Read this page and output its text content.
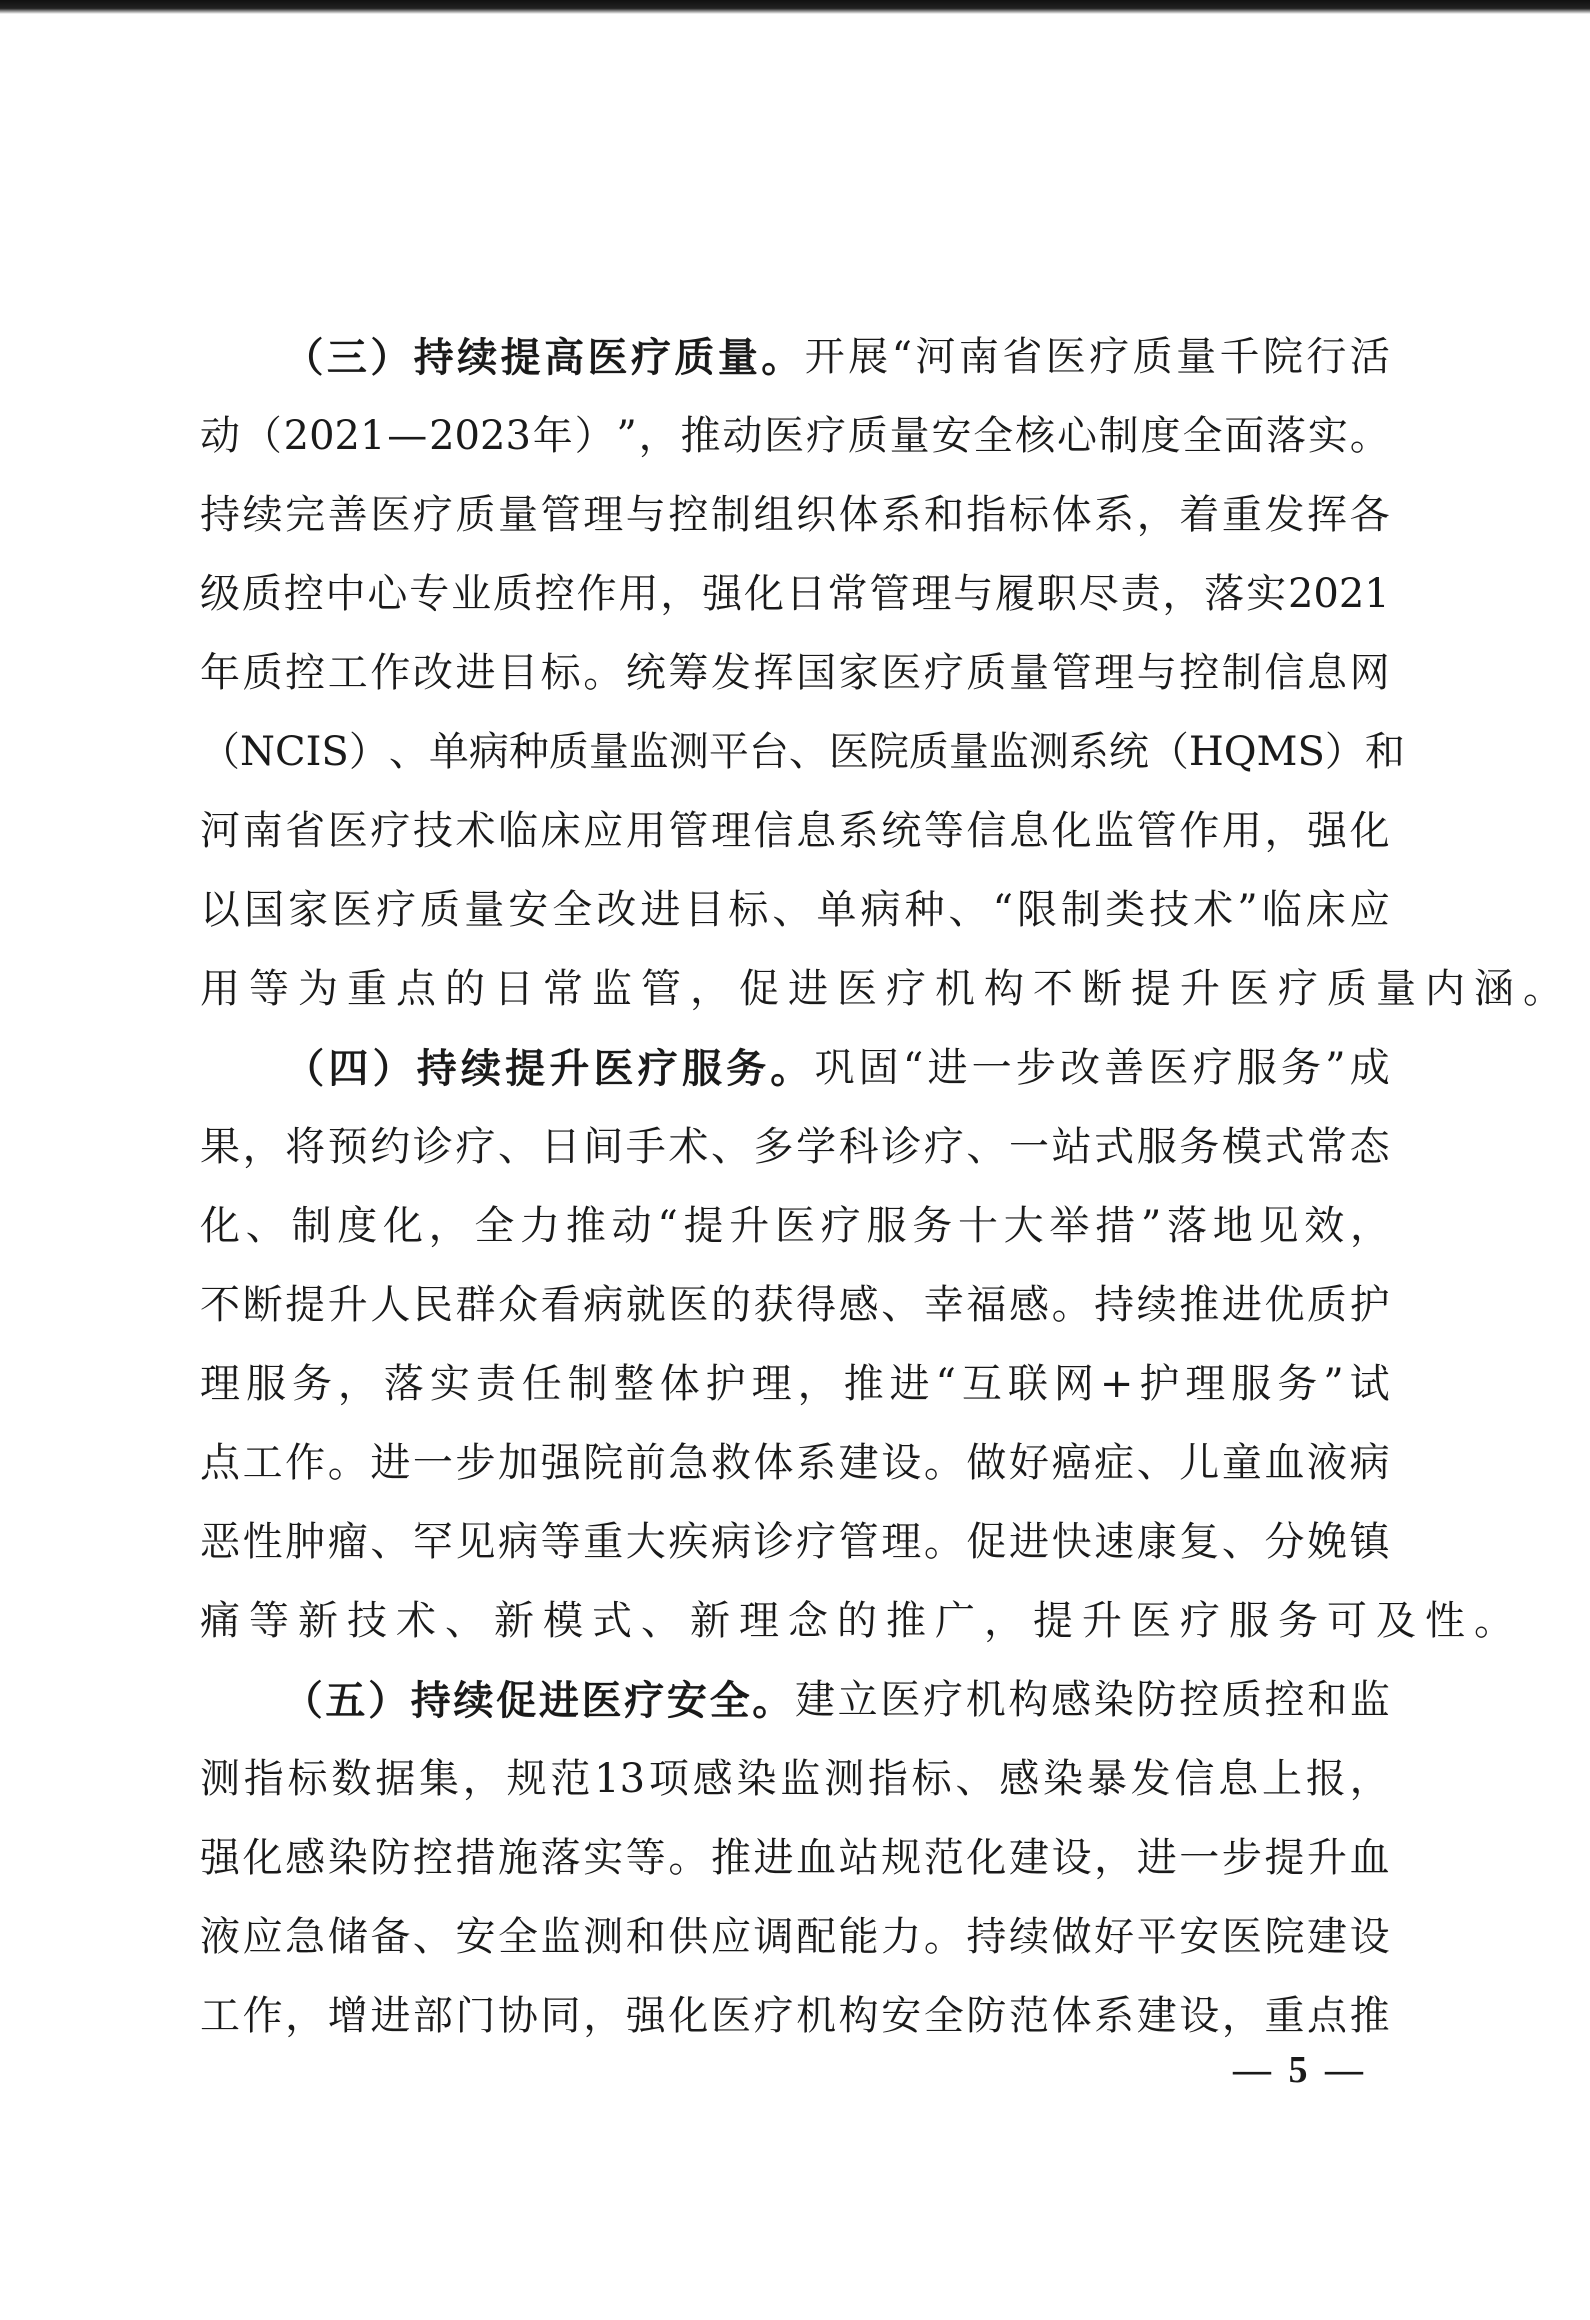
（ 三 ） 持 续 提 高 医 疗 质 量 。 开 展 “ 河 南 省 医 疗 质 量 千 院 行 活
动 （ 2021 — 2023 年 ） ” ， 推 动 医 疗 质 量 安 全 核 心 制 度 全 面 落 实 。
持 续 完 善 医 疗 质 量 管 理 与 控 制 组 织 体 系 和 指 标 体 系 ， 着 重 发 挥 各
级 质 控 中 心 专 业 质 控 作 用 ， 强 化 日 常 管 理 与 履 职 尽 责 ， 落 实 2021
年 质 控 工 作 改 进 目 标 。 统 筹 发 挥 国 家 医 疗 质 量 管 理 与 控 制 信 息 网
（ NCIS ） 、 单 病 种 质 量 监 测 平 台 、 医 院 质 量 监 测 系 统 （ HQMS ） 和
河 南 省 医 疗 技 术 临 床 应 用 管 理 信 息 系 统 等 信 息 化 监 管 作 用 ， 强 化
以 国 家 医 疗 质 量 安 全 改 进 目 标 、 单 病 种 、 “ 限 制 类 技 术 ” 临 床 应
用 等 为 重 点 的 日 常 监 管 ， 促 进 医 疗 机 构 不 断 提 升 医 疗 质 量 内 涵 。
（ 四 ） 持 续 提 升 医 疗 服 务 。 巩 固 “ 进 一 步 改 善 医 疗 服 务 ” 成
果 ， 将 预 约 诊 疗 、 日 间 手 术 、 多 学 科 诊 疗 、 一 站 式 服 务 模 式 常 态
化 、 制 度 化 ， 全 力 推 动 “ 提 升 医 疗 服 务 十 大 举 措 ” 落 地 见 效 ，
不 断 提 升 人 民 群 众 看 病 就 医 的 获 得 感 、 幸 福 感 。 持 续 推 进 优 质 护
理 服 务 ， 落 实 责 任 制 整 体 护 理 ， 推 进 “ 互 联 网 + 护 理 服 务 ” 试
点 工 作 。 进 一 步 加 强 院 前 急 救 体 系 建 设 。 做 好 癌 症 、 儿 童 血 液 病
恶 性 肿 瘤 、 罕 见 病 等 重 大 疾 病 诊 疗 管 理 。 促 进 快 速 康 复 、 分 娩 镇
痛 等 新 技 术 、 新 模 式 、 新 理 念 的 推 广 ， 提 升 医 疗 服 务 可 及 性 。
（ 五 ） 持 续 促 进 医 疗 安 全 。 建 立 医 疗 机 构 感 染 防 控 质 控 和 监
测 指 标 数 据 集 ， 规 范 13 项 感 染 监 测 指 标 、 感 染 暴 发 信 息 上 报 ，
强 化 感 染 防 控 措 施 落 实 等 。 推 进 血 站 规 范 化 建 设 ， 进 一 步 提 升 血
液 应 急 储 备 、 安 全 监 测 和 供 应 调 配 能 力 。 持 续 做 好 平 安 医 院 建 设
工 作 ， 增 进 部 门 协 同 ， 强 化 医 疗 机 构 安 全 防 范 体 系 建 设 ， 重 点 推
— 5 —
